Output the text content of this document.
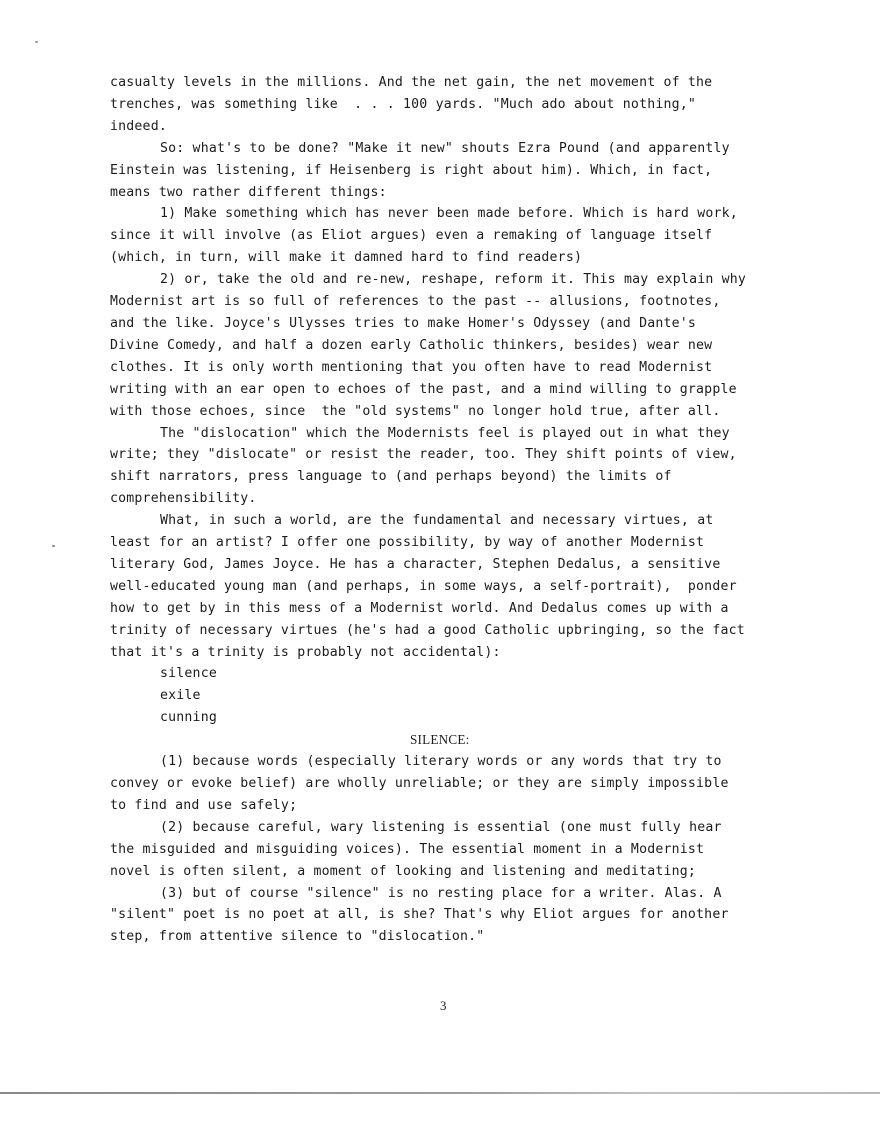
casualty levels in the millions. And the net gain, the net movement of the
trenches, was something like  . . . 100 yards. "Much ado about nothing,"
indeed.
So: what's to be done? "Make it new" shouts Ezra Pound (and apparently
Einstein was listening, if Heisenberg is right about him). Which, in fact,
means two rather different things:
1) Make something which has never been made before. Which is hard work,
since it will involve (as Eliot argues) even a remaking of language itself
(which, in turn, will make it damned hard to find readers)
2) or, take the old and re-new, reshape, reform it. This may explain why
Modernist art is so full of references to the past -- allusions, footnotes,
and the like. Joyce's Ulysses tries to make Homer's Odyssey (and Dante's
Divine Comedy, and half a dozen early Catholic thinkers, besides) wear new
clothes. It is only worth mentioning that you often have to read Modernist
writing with an ear open to echoes of the past, and a mind willing to grapple
with those echoes, since  the "old systems" no longer hold true, after all.
The "dislocation" which the Modernists feel is played out in what they
write; they "dislocate" or resist the reader, too. They shift points of view,
shift narrators, press language to (and perhaps beyond) the limits of
comprehensibility.
What, in such a world, are the fundamental and necessary virtues, at
least for an artist? I offer one possibility, by way of another Modernist
literary God, James Joyce. He has a character, Stephen Dedalus, a sensitive
well-educated young man (and perhaps, in some ways, a self-portrait),  ponder
how to get by in this mess of a Modernist world. And Dedalus comes up with a
trinity of necessary virtues (he's had a good Catholic upbringing, so the fact
that it's a trinity is probably not accidental):
silence
exile
cunning
SILENCE:
(1) because words (especially literary words or any words that try to
convey or evoke belief) are wholly unreliable; or they are simply impossible
to find and use safely;
(2) because careful, wary listening is essential (one must fully hear
the misguided and misguiding voices). The essential moment in a Modernist
novel is often silent, a moment of looking and listening and meditating;
(3) but of course "silence" is no resting place for a writer. Alas. A
"silent" poet is no poet at all, is she? That's why Eliot argues for another
step, from attentive silence to "dislocation."
3
